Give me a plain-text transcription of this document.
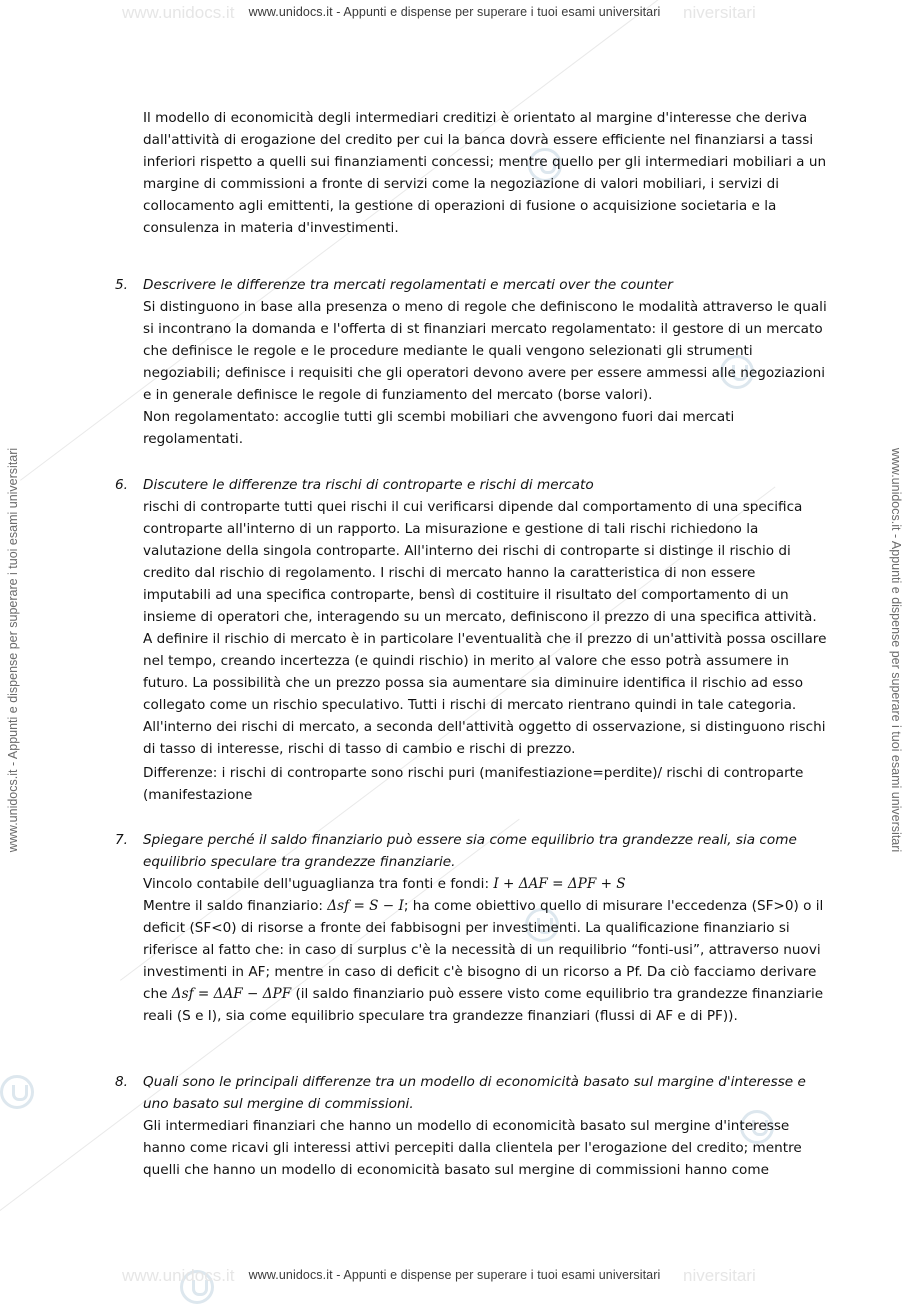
www.unidocs.it	niversitari
www.unidocs.it	niversitari
www.unidocs.it - Appunti e dispense per superare i tuoi esami universitari
www.unidocs.it - Appunti e dispense per superare i tuoi esami universitari
www.unidocs.it - Appunti e dispense per superare i tuoi esami universitari	www.unidocs.it - Appunti e dispense per superare i tuoi esami universitari

Il modello di economicità degli intermediari creditizi è orientato al margine d'interesse che deriva dall'attività di erogazione del credito per cui la banca dovrà essere efficiente nel finanziarsi a tassi inferiori rispetto a quelli sui finanziamenti concessi; mentre quello per gli intermediari mobiliari a un margine di commissioni a fronte di servizi come la negoziazione di valori mobiliari, i servizi di collocamento agli emittenti, la gestione di operazioni di fusione o acquisizione societaria e la consulenza in materia d'investimenti.

5. Descrivere le differenze tra mercati regolamentati e mercati over the counter

Si distinguono in base alla presenza o meno di regole che definiscono le modalità attraverso le quali si incontrano la domanda e l'offerta di st finanziari mercato regolamentato: il gestore di un mercato che definisce le regole e le procedure mediante le quali vengono selezionati gli strumenti negoziabili; definisce i requisiti che gli operatori devono avere per essere ammessi alle negoziazioni e in generale definisce le regole di funziamento del mercato (borse valori).

Non regolamentato: accoglie tutti gli scembi mobiliari che avvengono fuori dai mercati regolamentati.

6. Discutere le differenze tra rischi di controparte e rischi di mercato

rischi di controparte tutti quei rischi il cui verificarsi dipende dal comportamento di una specifica controparte all'interno di un rapporto. La misurazione e gestione di tali rischi richiedono la valutazione della singola controparte. All'interno dei rischi di controparte si distinge il rischio di credito dal rischio di regolamento. I rischi di mercato hanno la caratteristica di non essere imputabili ad una specifica controparte, bensì di costituire il risultato del comportamento di un insieme di operatori che, interagendo su un mercato, definiscono il prezzo di una specifica attività. A definire il rischio di mercato è in particolare l'eventualità che il prezzo di un'attività possa oscillare nel tempo, creando incertezza (e quindi rischio) in merito al valore che esso potrà assumere in futuro. La possibilità che un prezzo possa sia aumentare sia diminuire identifica il rischio ad esso collegato come un rischio speculativo. Tutti i rischi di mercato rientrano quindi in tale categoria. All'interno dei rischi di mercato, a seconda dell'attività oggetto di osservazione, si distinguono rischi di tasso di interesse, rischi di tasso di cambio e rischi di prezzo.

Differenze: i rischi di controparte sono rischi puri (manifestiazione=perdite)/ rischi di controparte (manifestazione

7. Spiegare perché il saldo finanziario può essere sia come equilibrio tra grandezze reali, sia come equilibrio speculare tra grandezze finanziarie.

Vincolo contabile dell'uguaglianza tra fonti e fondi: I + ΔAF = ΔPF + S

Mentre il saldo finanziario: Δsf = S − I; ha come obiettivo quello di misurare l'eccedenza (SF>0) o il deficit (SF<0) di risorse a fronte dei fabbisogni per investimenti. La qualificazione finanziario si riferisce al fatto che: in caso di surplus c'è la necessità di un requilibrio “fonti-usi”, attraverso nuovi investimenti in AF; mentre in caso di deficit c'è bisogno di un ricorso a Pf. Da ciò facciamo derivare che Δsf = ΔAF − ΔPF (il saldo finanziario può essere visto come equilibrio tra grandezze finanziarie reali (S e I), sia come equilibrio speculare tra grandezze finanziari (flussi di AF e di PF)).

8. Quali sono le principali differenze tra un modello di economicità basato sul margine d'interesse e uno basato sul mergine di commissioni.

Gli intermediari finanziari che hanno un modello di economicità basato sul mergine d'interesse hanno come ricavi gli interessi attivi percepiti dalla clientela per l'erogazione del credito; mentre quelli che hanno un modello di economicità basato sul mergine di commissioni hanno come
